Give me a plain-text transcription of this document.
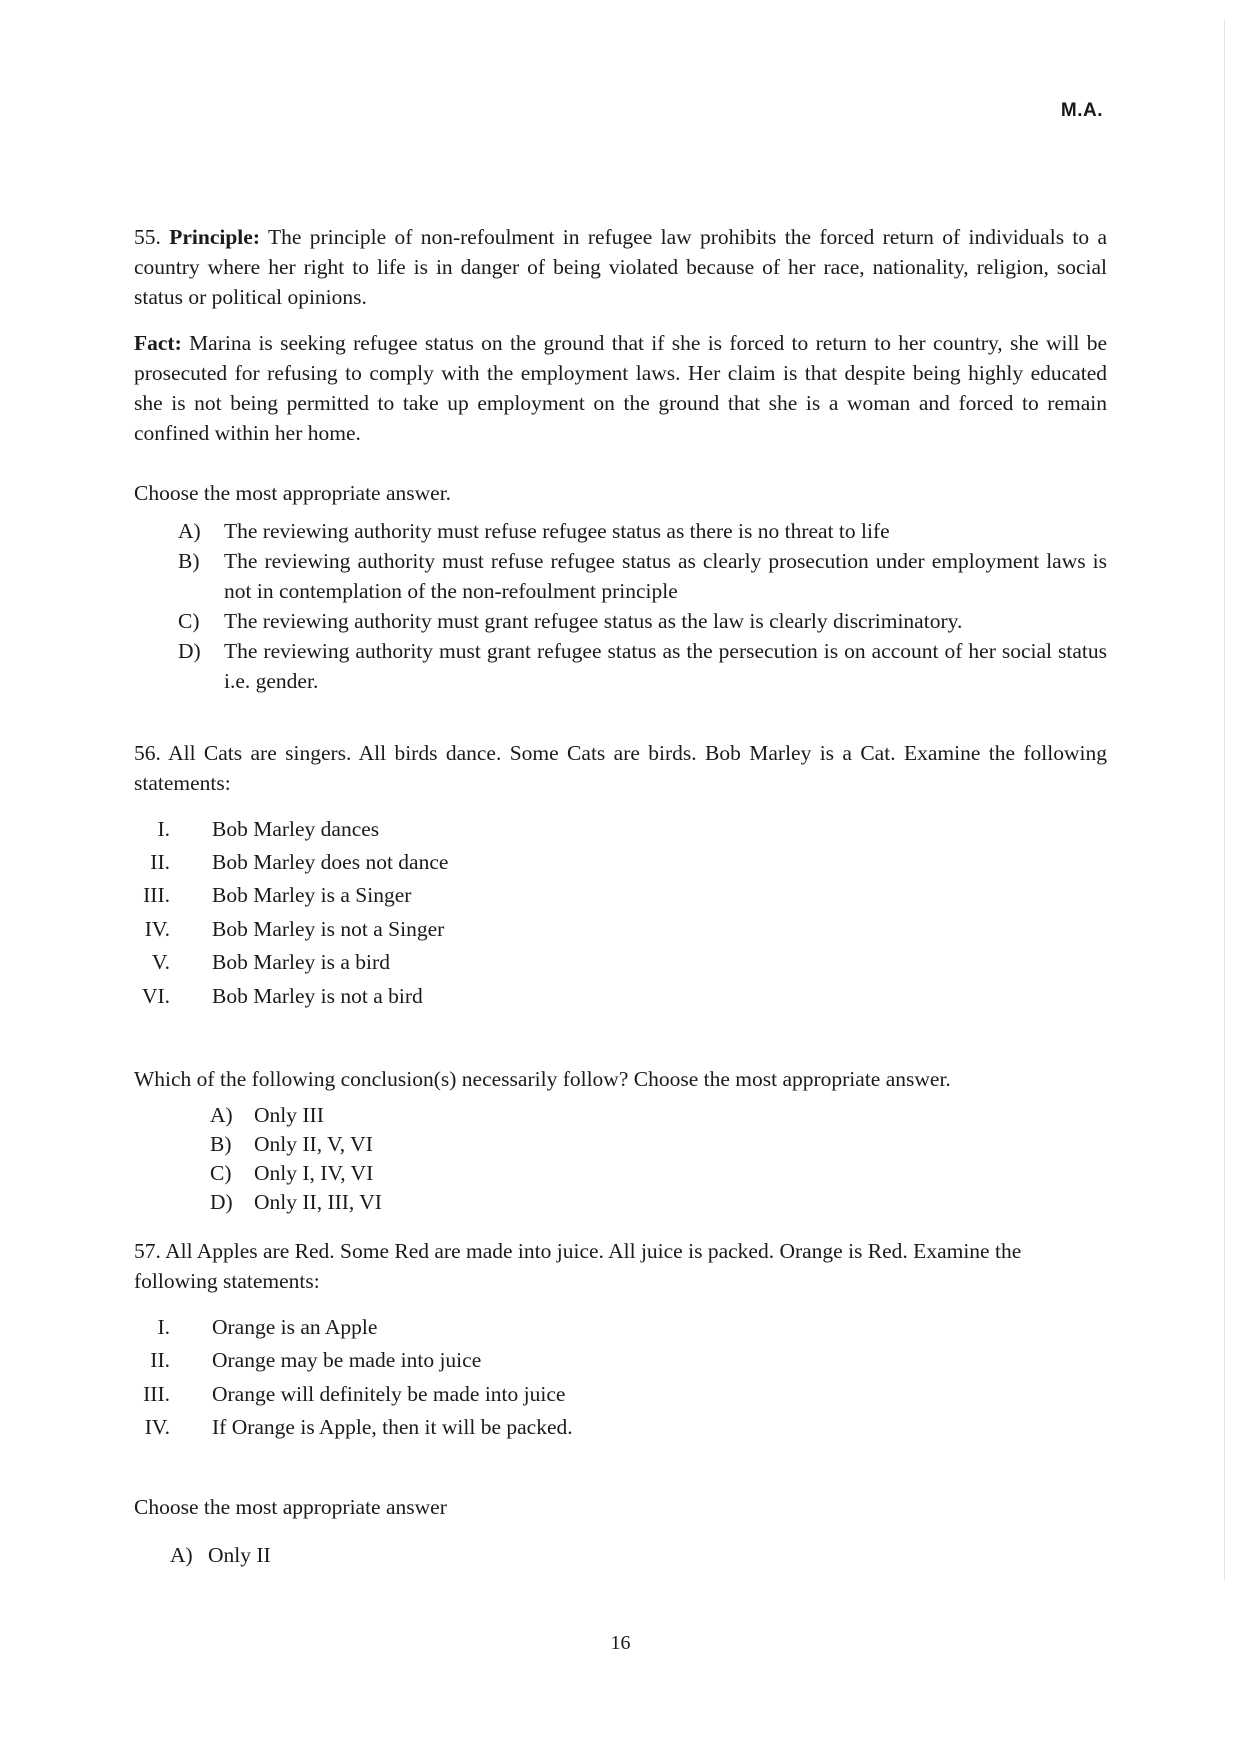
M.A.

55. Principle: The principle of non-refoulment in refugee law prohibits the forced return of individuals to a country where her right to life is in danger of being violated because of her race, nationality, religion, social status or political opinions.

Fact: Marina is seeking refugee status on the ground that if she is forced to return to her country, she will be prosecuted for refusing to comply with the employment laws. Her claim is that despite being highly educated she is not being permitted to take up employment on the ground that she is a woman and forced to remain confined within her home.

Choose the most appropriate answer.

A)	The reviewing authority must refuse refugee status as there is no threat to life
B)	The reviewing authority must refuse refugee status as clearly prosecution under employment laws is not in contemplation of the non-refoulment principle
C)	The reviewing authority must grant refugee status as the law is clearly discriminatory.
D)	The reviewing authority must grant refugee status as the persecution is on account of her social status i.e. gender.

56. All Cats are singers. All birds dance. Some Cats are birds. Bob Marley is a Cat. Examine the following statements:

I.	Bob Marley dances
II.	Bob Marley does not dance
III.	Bob Marley is a Singer
IV.	Bob Marley is not a Singer
V.	Bob Marley is a bird
VI.	Bob Marley is not a bird

Which of the following conclusion(s) necessarily follow? Choose the most appropriate answer.

A) Only III
B)	Only II, V, VI
C)	Only I, IV, VI
D) Only II, III, VI

57. All Apples are Red. Some Red are made into juice. All juice is packed. Orange is Red. Examine the following statements:

I.	Orange is an Apple
II.	Orange may be made into juice
III.	Orange will definitely be made into juice
IV.	If Orange is Apple, then it will be packed.

Choose the most appropriate answer

A) Only II
16
